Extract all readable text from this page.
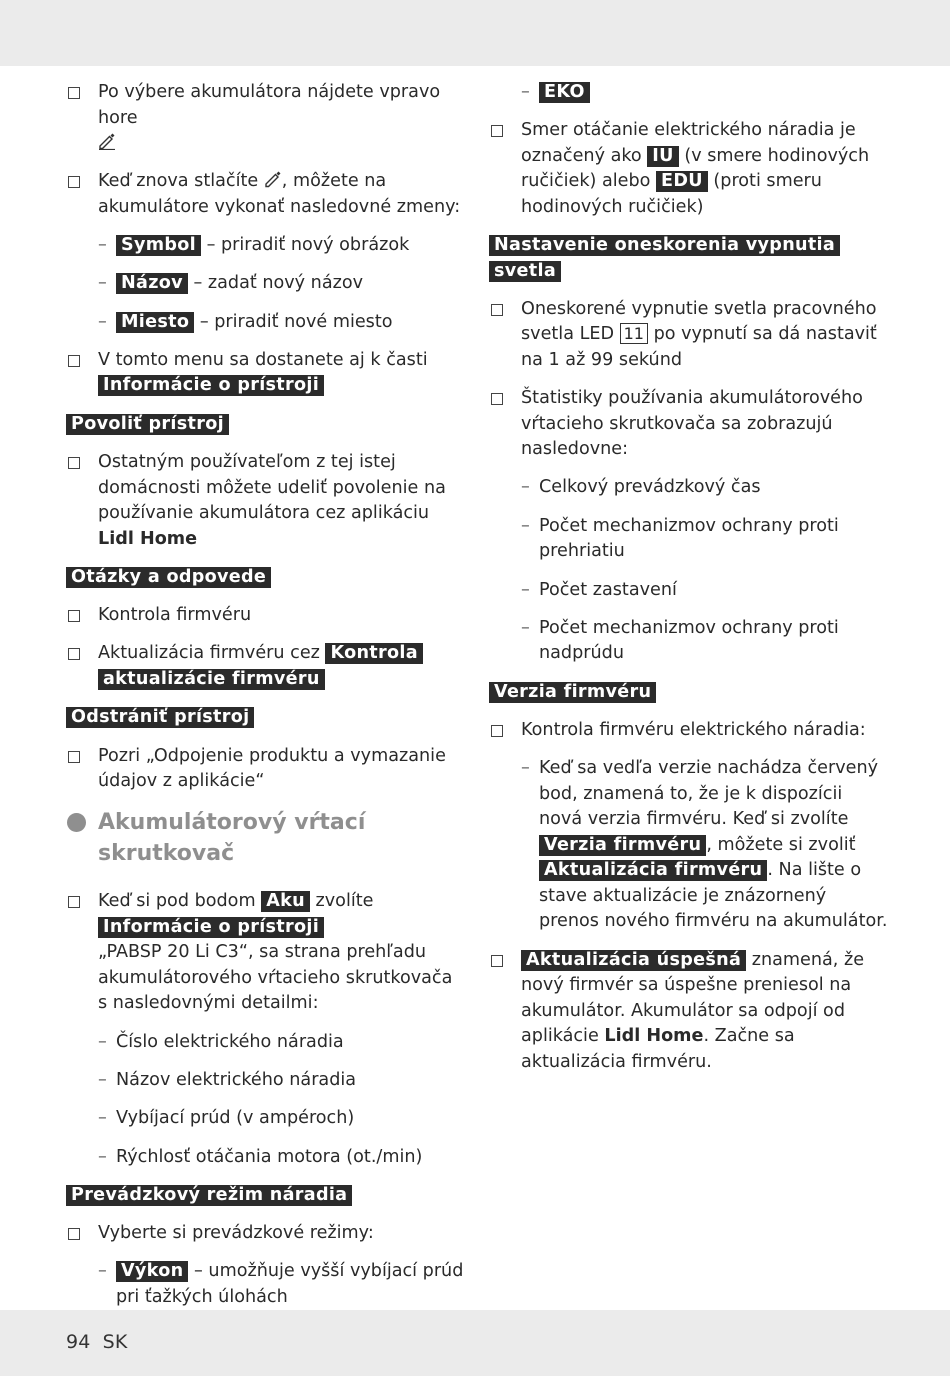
Po výbere akumulátora nájdete vpravo hore

Keď znova stlačíte , môžete na akumulátore vykonať nasledovné zmeny:
– Symbol – priradiť nový obrázok
– Názov – zadať nový názov
– Miesto – priradiť nové miesto
V tomto menu sa dostanete aj k časti
Informácie o prístroji
Povoliť prístroj
Ostatným používateľom z tej istej domácnosti môžete udeliť povolenie na používanie akumulátora cez aplikáciu Lidl Home
Otázky a odpovede
Kontrola firmvéru
Aktualizácia firmvéru cez Kontrola
aktualizácie firmvéru
Odstrániť prístroj
Pozri „Odpojenie produktu a vymazanie údajov z aplikácie“
Akumulátorový vŕtací skrutkovač
Keď si pod bodom Aku zvolíte
Informácie o prístroji
„PABSP 20 Li C3“, sa strana prehľadu akumulátorového vŕtacieho skrutkovača s nasledovnými detailmi:
– Číslo elektrického náradia
– Názov elektrického náradia
– Vybíjací prúd (v ampéroch)
– Rýchlosť otáčania motora (ot./min)
Prevádzkový režim náradia
Vyberte si prevádzkové režimy:
– Výkon – umožňuje vyšší vybíjací prúd pri ťažkých úlohách
– EKO
Smer otáčanie elektrického náradia je označený ako IU (v smere hodinových ručičiek) alebo EDU (proti smeru hodinových ručičiek)
Nastavenie oneskorenia vypnutia
svetla
Oneskorené vypnutie svetla pracovného svetla LED 11 po vypnutí sa dá nastaviť na 1 až 99 sekúnd
Štatistiky používania akumulátorového vŕtacieho skrutkovača sa zobrazujú nasledovne:
– Celkový prevádzkový čas
– Počet mechanizmov ochrany proti prehriatiu
– Počet zastavení
– Počet mechanizmov ochrany proti nadprúdu
Verzia firmvéru
Kontrola firmvéru elektrického náradia:
– Keď sa vedľa verzie nachádza červený bod, znamená to, že je k dispozícii nová verzia firmvéru. Keď si zvolíte
Verzia firmvéru , môžete si zvoliť
Aktualizácia firmvéru . Na lište o stave aktualizácie je znázornený prenos nového firmvéru na akumulátor.
Aktualizácia úspešná znamená, že nový firmvér sa úspešne preniesol na akumulátor. Akumulátor sa odpojí od aplikácie Lidl Home. Začne sa aktualizácia firmvéru.
94 SK
